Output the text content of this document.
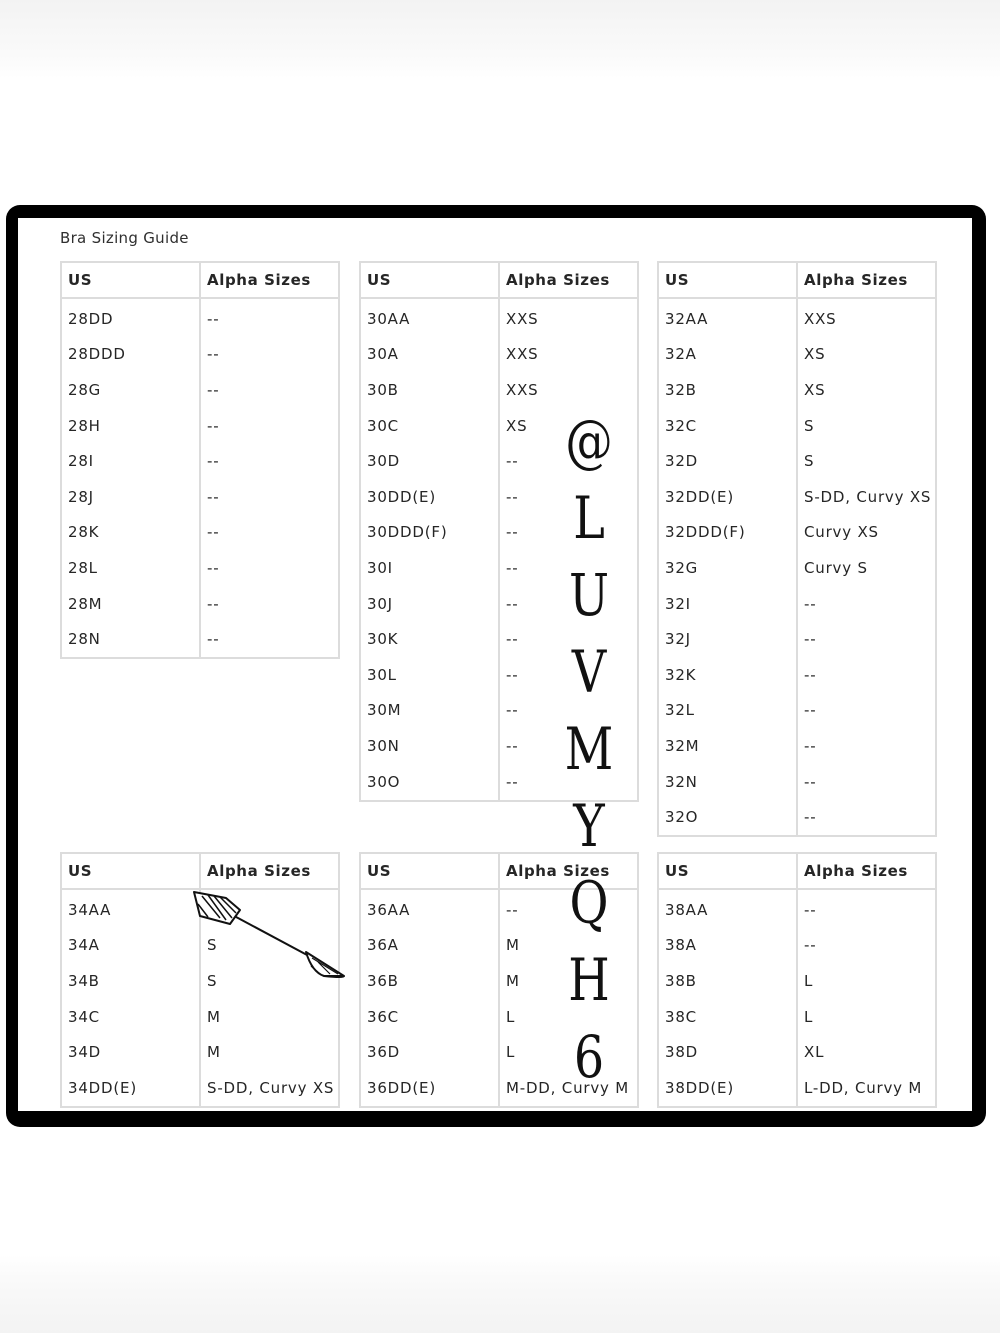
Bra Sizing Guide
US	Alpha Sizes
28DD	--
28DDD	--
28G	--
28H	--
28I	--
28J	--
28K	--
28L	--
28M	--
28N	--
US	Alpha Sizes
30AA	XXS
30A	XXS
30B	XXS
30C	XS
30D	--
30DD(E)	--
30DDD(F)	--
30I	--
30J	--
30K	--
30L	--
30M	--
30N	--
30O	--
US	Alpha Sizes
32AA	XXS
32A	XS
32B	XS
32C	S
32D	S
32DD(E)	S-DD, Curvy XS
32DDD(F)	Curvy XS
32G	Curvy S
32I	--
32J	--
32K	--
32L	--
32M	--
32N	--
32O	--
US	Alpha Sizes
34AA	
34A	S
34B	S
34C	M
34D	M
34DD(E)	S-DD, Curvy XS
US	Alpha Sizes
36AA	--
36A	M
36B	M
36C	L
36D	L
36DD(E)	M-DD, Curvy M
US	Alpha Sizes
38AA	--
38A	--
38B	L
38C	L
38D	XL
38DD(E)	L-DD, Curvy M
@
L
U
V
M
Y
Q
H
6
